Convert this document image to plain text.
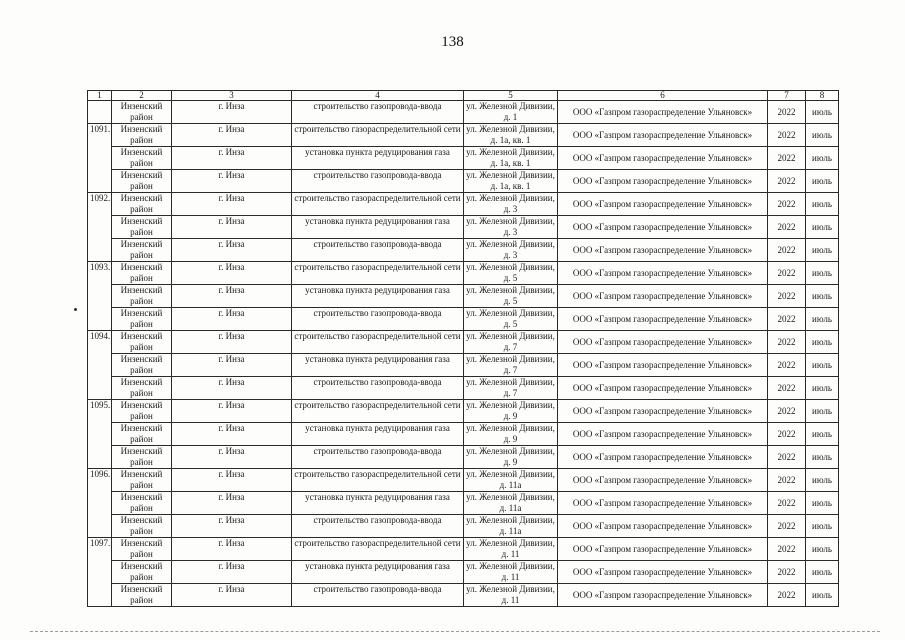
138
1	2	3	4	5	6	7	8
	Инзенский район	г. Инза	строительство газопровода-ввода	ул. Железной Дивизии, д. 1	ООО «Газпром газораспределение Ульяновск»	2022	июль
1091.	Инзенский район	г. Инза	строительство газораспределительной сети	ул. Железной Дивизии, д. 1а, кв. 1	ООО «Газпром газораспределение Ульяновск»	2022	июль
	Инзенский район	г. Инза	установка пункта редуцирования газа	ул. Железной Дивизии, д. 1а, кв. 1	ООО «Газпром газораспределение Ульяновск»	2022	июль
	Инзенский район	г. Инза	строительство газопровода-ввода	ул. Железной Дивизии, д. 1а, кв. 1	ООО «Газпром газораспределение Ульяновск»	2022	июль
1092.	Инзенский район	г. Инза	строительство газораспределительной сети	ул. Железной Дивизии, д. 3	ООО «Газпром газораспределение Ульяновск»	2022	июль
	Инзенский район	г. Инза	установка пункта редуцирования газа	ул. Железной Дивизии, д. 3	ООО «Газпром газораспределение Ульяновск»	2022	июль
	Инзенский район	г. Инза	строительство газопровода-ввода	ул. Железной Дивизии, д. 3	ООО «Газпром газораспределение Ульяновск»	2022	июль
1093.	Инзенский район	г. Инза	строительство газораспределительной сети	ул. Железной Дивизии, д. 5	ООО «Газпром газораспределение Ульяновск»	2022	июль
	Инзенский район	г. Инза	установка пункта редуцирования газа	ул. Железной Дивизии, д. 5	ООО «Газпром газораспределение Ульяновск»	2022	июль
	Инзенский район	г. Инза	строительство газопровода-ввода	ул. Железной Дивизии, д. 5	ООО «Газпром газораспределение Ульяновск»	2022	июль
1094.	Инзенский район	г. Инза	строительство газораспределительной сети	ул. Железной Дивизии, д. 7	ООО «Газпром газораспределение Ульяновск»	2022	июль
	Инзенский район	г. Инза	установка пункта редуцирования газа	ул. Железной Дивизии, д. 7	ООО «Газпром газораспределение Ульяновск»	2022	июль
	Инзенский район	г. Инза	строительство газопровода-ввода	ул. Железной Дивизии, д. 7	ООО «Газпром газораспределение Ульяновск»	2022	июль
1095.	Инзенский район	г. Инза	строительство газораспределительной сети	ул. Железной Дивизии, д. 9	ООО «Газпром газораспределение Ульяновск»	2022	июль
	Инзенский район	г. Инза	установка пункта редуцирования газа	ул. Железной Дивизии, д. 9	ООО «Газпром газораспределение Ульяновск»	2022	июль
	Инзенский район	г. Инза	строительство газопровода-ввода	ул. Железной Дивизии, д. 9	ООО «Газпром газораспределение Ульяновск»	2022	июль
1096.	Инзенский район	г. Инза	строительство газораспределительной сети	ул. Железной Дивизии, д. 11а	ООО «Газпром газораспределение Ульяновск»	2022	июль
	Инзенский район	г. Инза	установка пункта редуцирования газа	ул. Железной Дивизии, д. 11а	ООО «Газпром газораспределение Ульяновск»	2022	июль
	Инзенский район	г. Инза	строительство газопровода-ввода	ул. Железной Дивизии, д. 11а	ООО «Газпром газораспределение Ульяновск»	2022	июль
1097.	Инзенский район	г. Инза	строительство газораспределительной сети	ул. Железной Дивизии, д. 11	ООО «Газпром газораспределение Ульяновск»	2022	июль
	Инзенский район	г. Инза	установка пункта редуцирования газа	ул. Железной Дивизии, д. 11	ООО «Газпром газораспределение Ульяновск»	2022	июль
	Инзенский район	г. Инза	строительство газопровода-ввода	ул. Железной Дивизии, д. 11	ООО «Газпром газораспределение Ульяновск»	2022	июль
